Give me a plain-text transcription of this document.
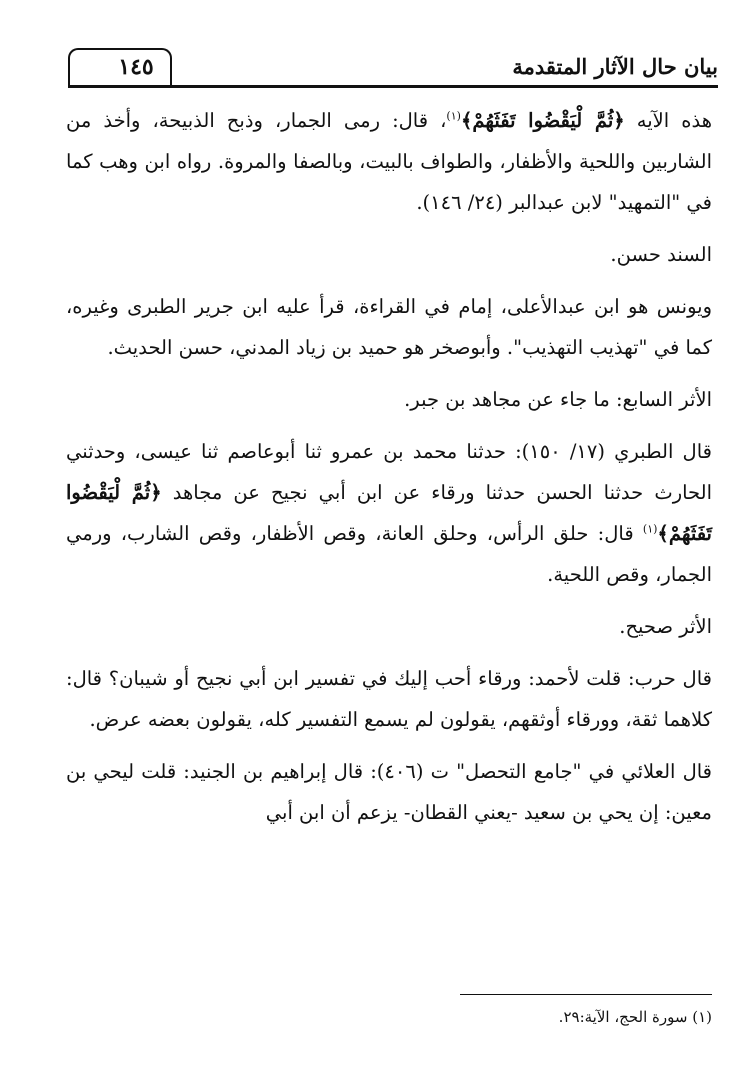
١٤٥	بيان حال الآثار المتقدمة

هذه الآيه ﴿ثُمَّ لْيَقْضُوا تَفَثَهُمْ﴾$^{(١)}$، قال: رمى الجمار، وذبح الذبيحة، وأخذ من الشاربين واللحية والأظفار، والطواف بالبيت، وبالصفا والمروة. رواه ابن وهب كما في "التمهيد" لابن عبدالبر (٢٤/ ١٤٦).

السند حسن.

ويونس هو ابن عبدالأعلى، إمام في القراءة، قرأ عليه ابن جرير الطبرى وغيره، كما في "تهذيب التهذيب". وأبوصخر هو حميد بن زياد المدني، حسن الحديث.

الأثر السابع: ما جاء عن مجاهد بن جبر.

قال الطبري (١٧/ ١٥٠): حدثنا محمد بن عمرو ثنا أبوعاصم ثنا عيسى، وحدثني الحارث حدثنا الحسن حدثنا ورقاء عن ابن أبي نجيح عن مجاهد ﴿ثُمَّ لْيَقْضُوا تَفَثَهُمْ﴾$^{(١)}$ قال: حلق الرأس، وحلق العانة، وقص الأظفار، وقص الشارب، ورمي الجمار، وقص اللحية.

الأثر صحيح.

قال حرب: قلت لأحمد: ورقاء أحب إليك في تفسير ابن أبي نجيح أو شيبان؟ قال: كلاهما ثقة، وورقاء أوثقهم، يقولون لم يسمع التفسير كله، يقولون بعضه عرض.

قال العلائي في "جامع التحصل" ت (٤٠٦): قال إبراهيم بن الجنيد: قلت ليحي بن معين: إن يحي بن سعيد -يعني القطان- يزعم أن ابن أبي

(١) سورة الحج، الآية:٢٩.
